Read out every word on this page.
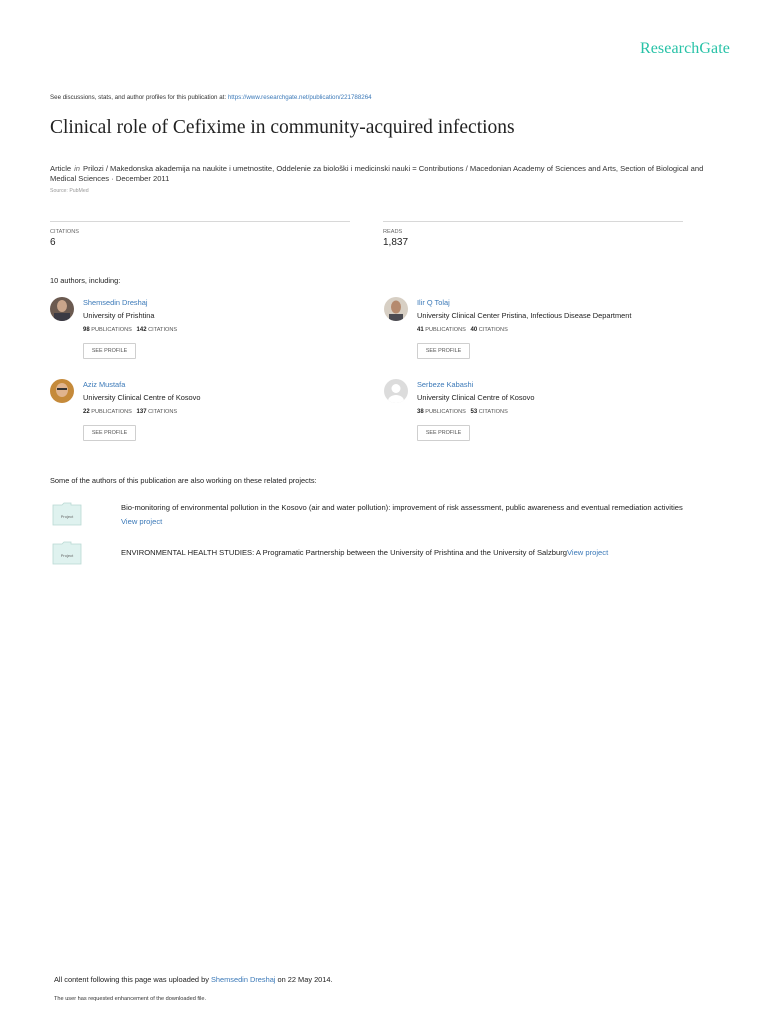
ResearchGate
See discussions, stats, and author profiles for this publication at: https://www.researchgate.net/publication/221788264
Clinical role of Cefixime in community-acquired infections
Article in Prilozi / Makedonska akademija na naukite i umetnostite, Oddelenie za biološki i medicinski nauki = Contributions / Macedonian Academy of Sciences and Arts, Section of Biological and Medical Sciences · December 2011
Source: PubMed
CITATIONS
6
READS
1,837
10 authors, including:
Shemsedin Dreshaj
University of Prishtina
98 PUBLICATIONS 142 CITATIONS
SEE PROFILE
Ilir Q Tolaj
University Clinical Center Pristina, Infectious Disease Department
41 PUBLICATIONS 40 CITATIONS
SEE PROFILE
Aziz Mustafa
University Clinical Centre of Kosovo
22 PUBLICATIONS 137 CITATIONS
SEE PROFILE
Serbeze Kabashi
University Clinical Centre of Kosovo
38 PUBLICATIONS 53 CITATIONS
SEE PROFILE
Some of the authors of this publication are also working on these related projects:
Project
Bio-monitoring of environmental pollution in the Kosovo (air and water pollution): improvement of risk assessment, public awareness and eventual remediation activities
View project
Project	ENVIRONMENTAL HEALTH STUDIES: A Programatic Partnership between the University of Prishtina and the University of SalzburgView project
All content following this page was uploaded by Shemsedin Dreshaj on 22 May 2014.
The user has requested enhancement of the downloaded file.
